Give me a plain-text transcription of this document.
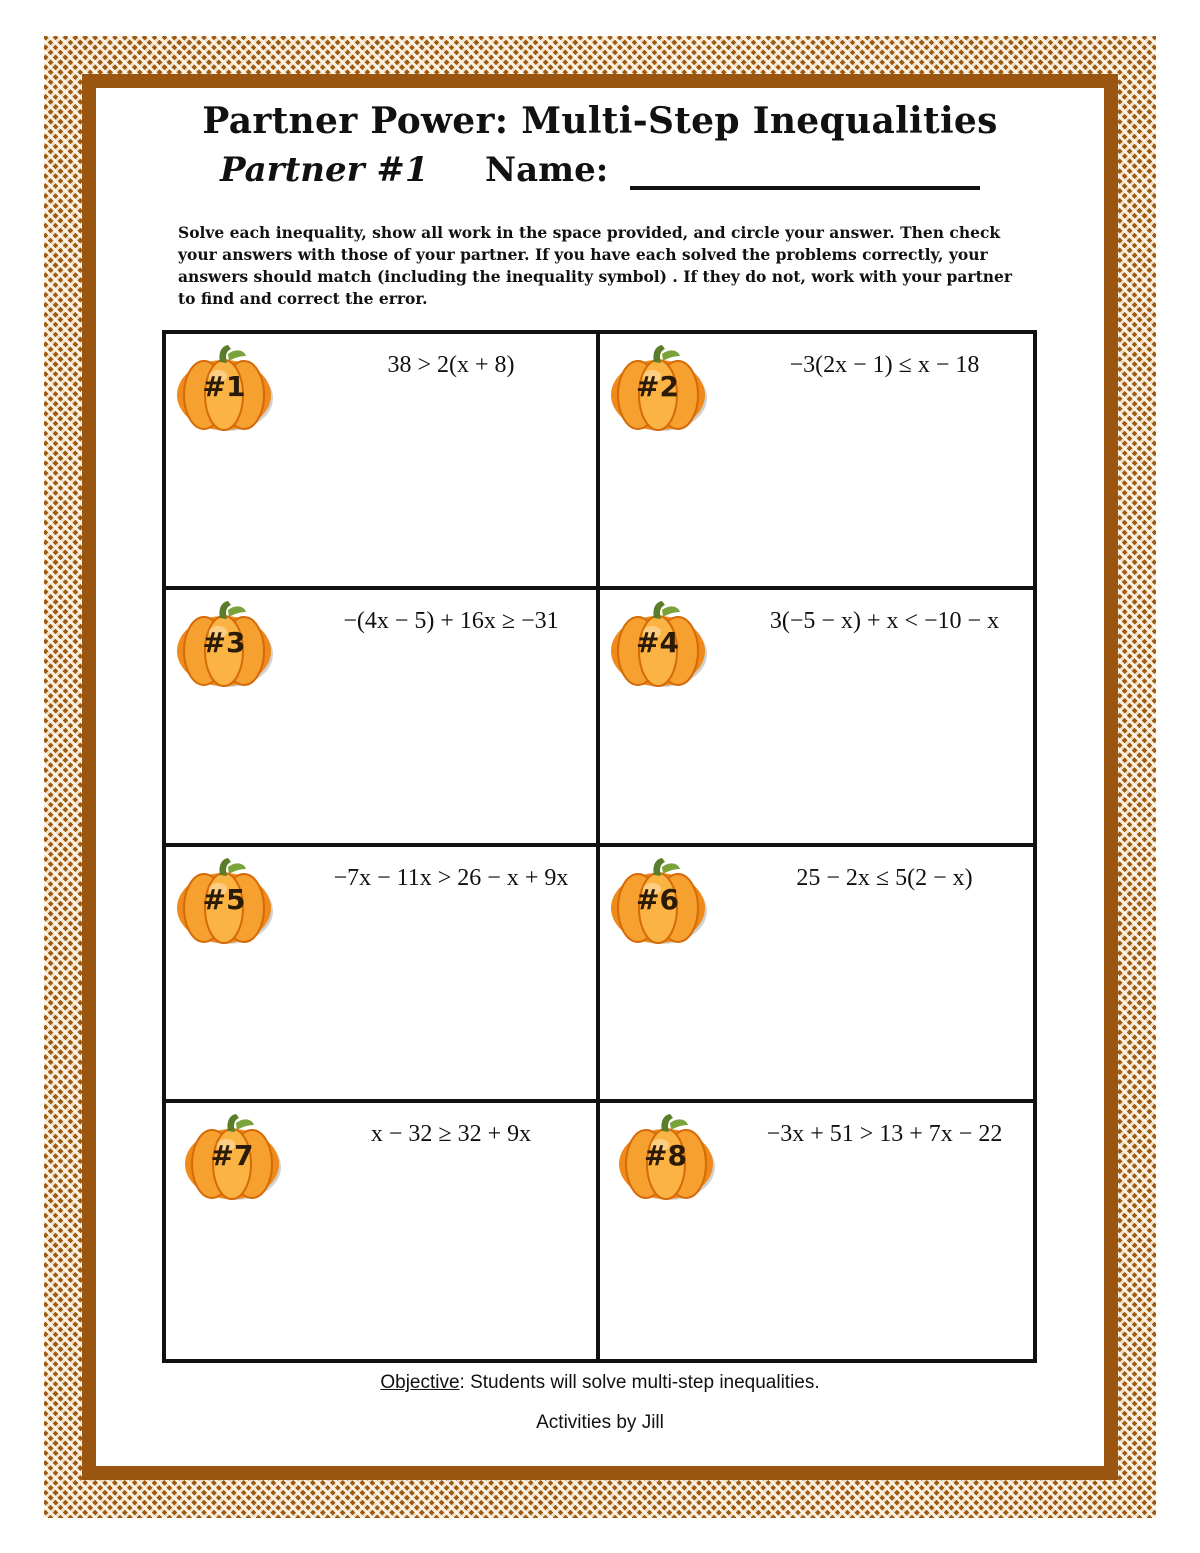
Partner Power: Multi-Step Inequalities
Partner #1 Name:

Solve each inequality, show all work in the space provided, and circle your answer. Then check your answers with those of your partner. If you have each solved the problems correctly, your answers should match (including the inequality symbol) . If they do not, work with your partner to find and correct the error.

#1
38 > 2(x + 8)
#2
−3(2x − 1) ≤ x − 18
#3
−(4x − 5) + 16x ≥ −31
#4
3(−5 − x) + x < −10 − x
#5
−7x − 11x > 26 − x + 9x
#6
25 − 2x ≤ 5(2 − x)
#7
x − 32 ≥ 32 + 9x
#8
−3x + 51 > 13 + 7x − 22
Objective: Students will solve multi-step inequalities.
Activities by Jill
